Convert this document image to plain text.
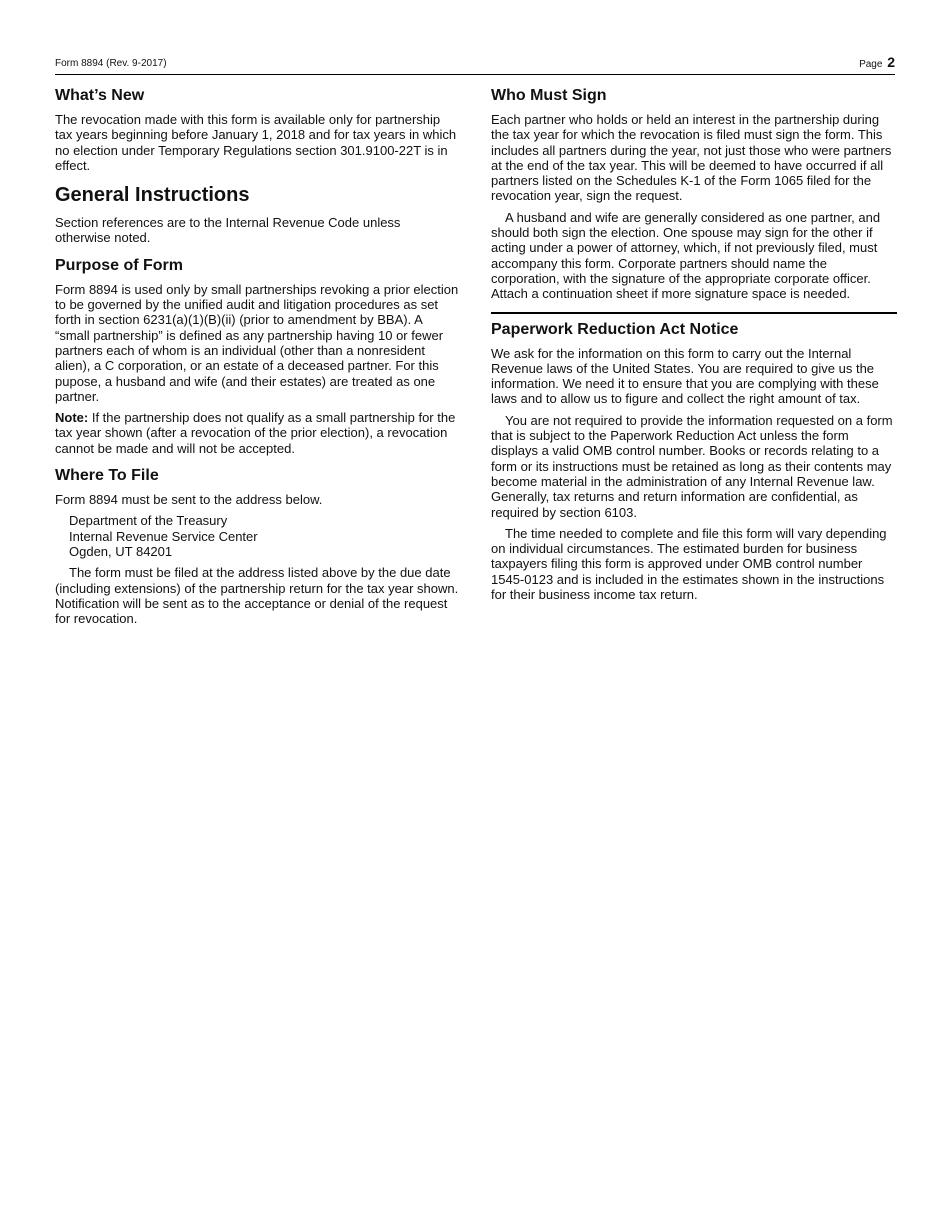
Form 8894 (Rev. 9-2017)	Page 2
What’s New

The revocation made with this form is available only for partnership tax years beginning before January 1, 2018 and for tax years in which no election under Temporary Regulations section 301.9100-22T is in effect.

General Instructions

Section references are to the Internal Revenue Code unless otherwise noted.

Purpose of Form

Form 8894 is used only by small partnerships revoking a prior election to be governed by the unified audit and litigation procedures as set forth in section 6231(a)(1)(B)(ii) (prior to amendment by BBA). A “small partnership” is defined as any partnership having 10 or fewer partners each of whom is an individual (other than a nonresident alien), a C corporation, or an estate of a deceased partner. For this pupose, a husband and wife (and their estates) are treated as one partner.

Note: If the partnership does not qualify as a small partnership for the tax year shown (after a revocation of the prior election), a revocation cannot be made and will not be accepted.

Where To File

Form 8894 must be sent to the address below.

Department of the Treasury
Internal Revenue Service Center
Ogden, UT 84201

The form must be filed at the address listed above by the due date (including extensions) of the partnership return for the tax year shown. Notification will be sent as to the acceptance or denial of the request for revocation.

Who Must Sign

Each partner who holds or held an interest in the partnership during the tax year for which the revocation is filed must sign the form. This includes all partners during the year, not just those who were partners at the end of the tax year. This will be deemed to have occurred if all partners listed on the Schedules K-1 of the Form 1065 filed for the revocation year, sign the request.

A husband and wife are generally considered as one partner, and should both sign the election. One spouse may sign for the other if acting under a power of attorney, which, if not previously filed, must accompany this form. Corporate partners should name the corporation, with the signature of the appropriate corporate officer. Attach a continuation sheet if more signature space is needed.

Paperwork Reduction Act Notice

We ask for the information on this form to carry out the Internal Revenue laws of the United States. You are required to give us the information. We need it to ensure that you are complying with these laws and to allow us to figure and collect the right amount of tax.

You are not required to provide the information requested on a form that is subject to the Paperwork Reduction Act unless the form displays a valid OMB control number. Books or records relating to a form or its instructions must be retained as long as their contents may become material in the administration of any Internal Revenue law. Generally, tax returns and return information are confidential, as required by section 6103.

The time needed to complete and file this form will vary depending on individual circumstances. The estimated burden for business taxpayers filing this form is approved under OMB control number 1545-0123 and is included in the estimates shown in the instructions for their business income tax return.
